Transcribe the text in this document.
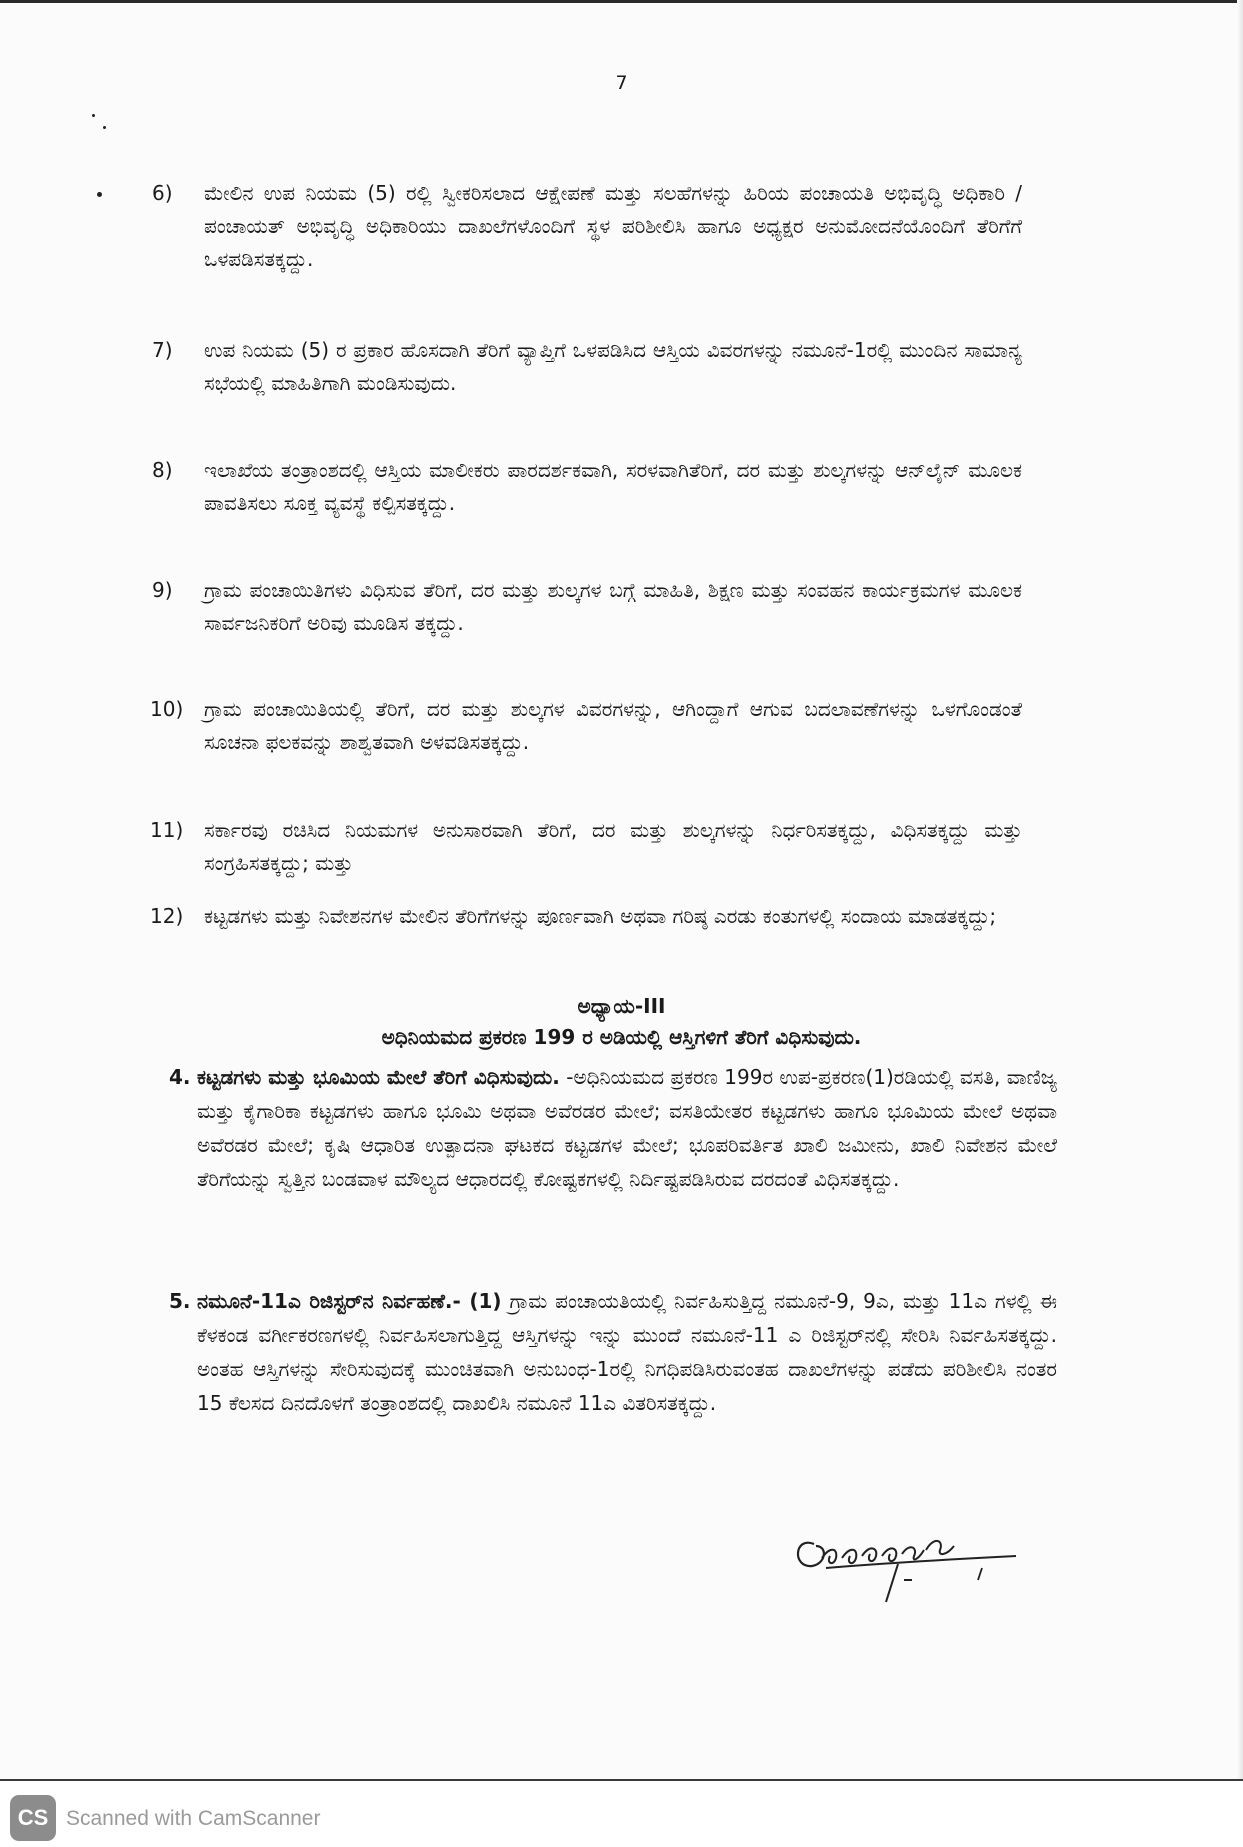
7
6)	ಮೇಲಿನ ಉಪ ನಿಯಮ (5) ರಲ್ಲಿ ಸ್ವೀಕರಿಸಲಾದ ಆಕ್ಷೇಪಣೆ ಮತ್ತು ಸಲಹೆಗಳನ್ನು ಹಿರಿಯ ಪಂಚಾಯತಿ ಅಭಿವೃದ್ಧಿ ಅಧಿಕಾರಿ /ಪಂಚಾಯತ್ ಅಭಿವೃದ್ಧಿ ಅಧಿಕಾರಿಯು ದಾಖಲೆಗಳೊಂದಿಗೆ ಸ್ಥಳ ಪರಿಶೀಲಿಸಿ ಹಾಗೂ ಅಧ್ಯಕ್ಷರ ಅನುಮೋದನೆಯೊಂದಿಗೆ ತೆರಿಗೆಗೆ ಒಳಪಡಿಸತಕ್ಕದ್ದು.
7)	ಉಪ ನಿಯಮ (5) ರ ಪ್ರಕಾರ ಹೊಸದಾಗಿ ತೆರಿಗೆ ವ್ಯಾಪ್ತಿಗೆ ಒಳಪಡಿಸಿದ ಆಸ್ತಿಯ ವಿವರಗಳನ್ನು ನಮೂನೆ-1ರಲ್ಲಿ ಮುಂದಿನ ಸಾಮಾನ್ಯ ಸಭೆಯಲ್ಲಿ ಮಾಹಿತಿಗಾಗಿ ಮಂಡಿಸುವುದು.
8)	ಇಲಾಖೆಯ ತಂತ್ರಾಂಶದಲ್ಲಿ ಆಸ್ತಿಯ ಮಾಲೀಕರು ಪಾರದರ್ಶಕವಾಗಿ, ಸರಳವಾಗಿತೆರಿಗೆ, ದರ ಮತ್ತು ಶುಲ್ಕಗಳನ್ನು ಆನ್‌ಲೈನ್ ಮೂಲಕ ಪಾವತಿಸಲು ಸೂಕ್ತ ವ್ಯವಸ್ಥೆ ಕಲ್ಪಿಸತಕ್ಕದ್ದು.
9)	ಗ್ರಾಮ ಪಂಚಾಯಿತಿಗಳು ವಿಧಿಸುವ ತೆರಿಗೆ, ದರ ಮತ್ತು ಶುಲ್ಕಗಳ ಬಗ್ಗೆ ಮಾಹಿತಿ, ಶಿಕ್ಷಣ ಮತ್ತು ಸಂವಹನ ಕಾರ್ಯಕ್ರಮಗಳ ಮೂಲಕ ಸಾರ್ವಜನಿಕರಿಗೆ ಅರಿವು ಮೂಡಿಸ ತಕ್ಕದ್ದು.
10)	ಗ್ರಾಮ ಪಂಚಾಯಿತಿಯಲ್ಲಿ ತೆರಿಗೆ, ದರ ಮತ್ತು ಶುಲ್ಕಗಳ ವಿವರಗಳನ್ನು, ಆಗಿಂದ್ದಾಗೆ ಆಗುವ ಬದಲಾವಣೆಗಳನ್ನು ಒಳಗೊಂಡಂತೆ ಸೂಚನಾ ಫಲಕವನ್ನು ಶಾಶ್ವತವಾಗಿ ಅಳವಡಿಸತಕ್ಕದ್ದು.
11)	ಸರ್ಕಾರವು ರಚಿಸಿದ ನಿಯಮಗಳ ಅನುಸಾರವಾಗಿ ತೆರಿಗೆ, ದರ ಮತ್ತು ಶುಲ್ಕಗಳನ್ನು ನಿರ್ಧರಿಸತಕ್ಕದ್ದು, ವಿಧಿಸತಕ್ಕದ್ದು ಮತ್ತು ಸಂಗ್ರಹಿಸತಕ್ಕದ್ದು; ಮತ್ತು
12)	ಕಟ್ಟಡಗಳು ಮತ್ತು ನಿವೇಶನಗಳ ಮೇಲಿನ ತೆರಿಗೆಗಳನ್ನು ಪೂರ್ಣವಾಗಿ ಅಥವಾ ಗರಿಷ್ಠ ಎರಡು ಕಂತುಗಳಲ್ಲಿ ಸಂದಾಯ ಮಾಡತಕ್ಕದ್ದು;
ಅಧ್ಯಾಯ-III
ಅಧಿನಿಯಮದ ಪ್ರಕರಣ 199 ರ ಅಡಿಯಲ್ಲಿ ಆಸ್ತಿಗಳಿಗೆ ತೆರಿಗೆ ವಿಧಿಸುವುದು.
4. ಕಟ್ಟಡಗಳು ಮತ್ತು ಭೂಮಿಯ ಮೇಲೆ ತೆರಿಗೆ ವಿಧಿಸುವುದು. -ಅಧಿನಿಯಮದ ಪ್ರಕರಣ 199ರ ಉಪ-ಪ್ರಕರಣ(1)ರಡಿಯಲ್ಲಿ ವಸತಿ, ವಾಣಿಜ್ಯ ಮತ್ತು ಕೈಗಾರಿಕಾ ಕಟ್ಟಡಗಳು ಹಾಗೂ ಭೂಮಿ ಅಥವಾ ಅವೆರಡರ ಮೇಲೆ; ವಸತಿಯೇತರ ಕಟ್ಟಡಗಳು ಹಾಗೂ ಭೂಮಿಯ ಮೇಲೆ ಅಥವಾ ಅವೆರಡರ ಮೇಲೆ; ಕೃಷಿ ಆಧಾರಿತ ಉತ್ಪಾದನಾ ಘಟಕದ ಕಟ್ಟಡಗಳ ಮೇಲೆ; ಭೂಪರಿವರ್ತಿತ ಖಾಲಿ ಜಮೀನು, ಖಾಲಿ ನಿವೇಶನ ಮೇಲೆ ತೆರಿಗೆಯನ್ನು ಸ್ವತ್ತಿನ ಬಂಡವಾಳ ಮೌಲ್ಯದ ಆಧಾರದಲ್ಲಿ ಕೋಷ್ಟಕಗಳಲ್ಲಿ ನಿರ್ದಿಷ್ಟಪಡಿಸಿರುವ ದರದಂತೆ ವಿಧಿಸತಕ್ಕದ್ದು.
5. ನಮೂನೆ-11ಎ ರಿಜಿಸ್ಟರ್‌ನ ನಿರ್ವಹಣೆ.- (1) ಗ್ರಾಮ ಪಂಚಾಯತಿಯಲ್ಲಿ ನಿರ್ವಹಿಸುತ್ತಿದ್ದ ನಮೂನೆ-9, 9ಎ, ಮತ್ತು 11ಎ ಗಳಲ್ಲಿ ಈ ಕೆಳಕಂಡ ವರ್ಗೀಕರಣಗಳಲ್ಲಿ ನಿರ್ವಹಿಸಲಾಗುತ್ತಿದ್ದ ಆಸ್ತಿಗಳನ್ನು ಇನ್ನು ಮುಂದೆ ನಮೂನೆ-11 ಎ ರಿಜಿಸ್ಟರ್‌ನಲ್ಲಿ ಸೇರಿಸಿ ನಿರ್ವಹಿಸತಕ್ಕದ್ದು. ಅಂತಹ ಆಸ್ತಿಗಳನ್ನು ಸೇರಿಸುವುದಕ್ಕೆ ಮುಂಚಿತವಾಗಿ ಅನುಬಂಧ-1ರಲ್ಲಿ ನಿಗಧಿಪಡಿಸಿರುವಂತಹ ದಾಖಲೆಗಳನ್ನು ಪಡೆದು ಪರಿಶೀಲಿಸಿ ನಂತರ 15 ಕೆಲಸದ ದಿನದೊಳಗೆ ತಂತ್ರಾಂಶದಲ್ಲಿ ದಾಖಲಿಸಿ ನಮೂನೆ 11ಎ ವಿತರಿಸತಕ್ಕದ್ದು.
CS Scanned with CamScanner
